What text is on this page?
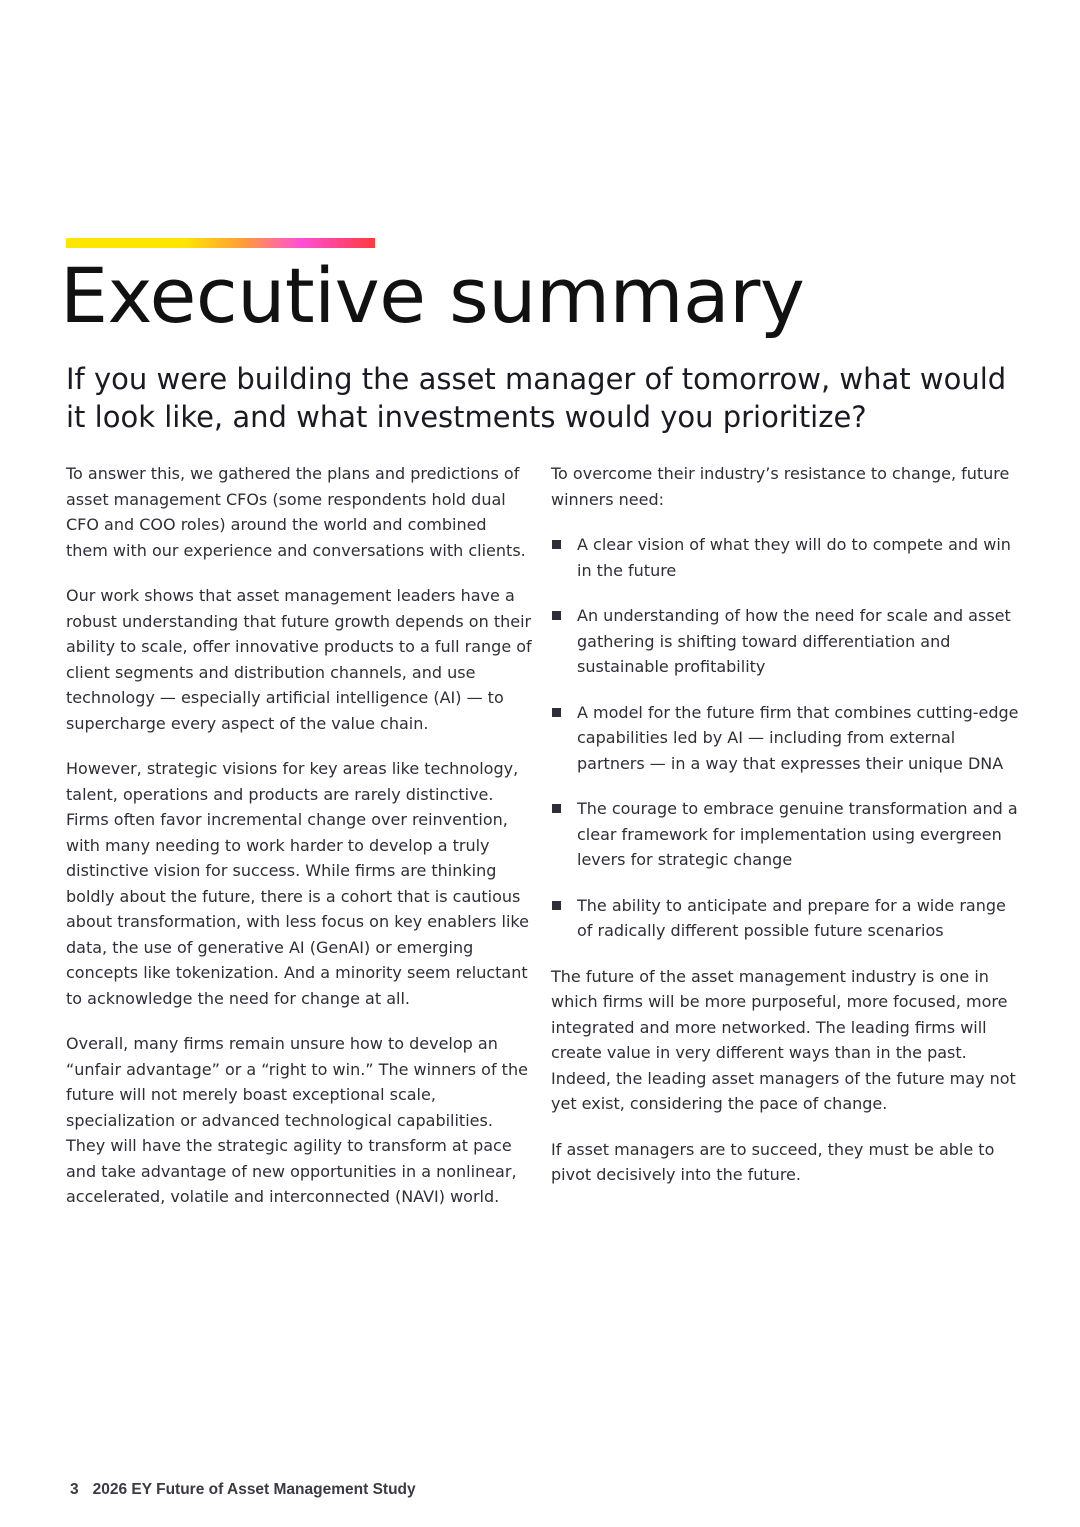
Executive summary
If you were building the asset manager of tomorrow, what would it look like, and what investments would you prioritize?

To answer this, we gathered the plans and predictions of asset management CFOs (some respondents hold dual CFO and COO roles) around the world and combined them with our experience and conversations with clients.

Our work shows that asset management leaders have a robust understanding that future growth depends on their ability to scale, offer innovative products to a full range of client segments and distribution channels, and use technology — especially artificial intelligence (AI) — to supercharge every aspect of the value chain.

However, strategic visions for key areas like technology, talent, operations and products are rarely distinctive. Firms often favor incremental change over reinvention, with many needing to work harder to develop a truly distinctive vision for success. While firms are thinking boldly about the future, there is a cohort that is cautious about transformation, with less focus on key enablers like data, the use of generative AI (GenAI) or emerging concepts like tokenization. And a minority seem reluctant to acknowledge the need for change at all.

Overall, many firms remain unsure how to develop an “unfair advantage” or a “right to win.” The winners of the future will not merely boast exceptional scale, specialization or advanced technological capabilities. They will have the strategic agility to transform at pace and take advantage of new opportunities in a nonlinear, accelerated, volatile and interconnected (NAVI) world.

To overcome their industry’s resistance to change, future winners need:

A clear vision of what they will do to compete and win in the future
An understanding of how the need for scale and asset gathering is shifting toward differentiation and sustainable profitability
A model for the future firm that combines cutting-edge capabilities led by AI — including from external partners — in a way that expresses their unique DNA
The courage to embrace genuine transformation and a clear framework for implementation using evergreen levers for strategic change
The ability to anticipate and prepare for a wide range of radically different possible future scenarios

The future of the asset management industry is one in which firms will be more purposeful, more focused, more integrated and more networked. The leading firms will create value in very different ways than in the past. Indeed, the leading asset managers of the future may not yet exist, considering the pace of change.

If asset managers are to succeed, they must be able to pivot decisively into the future.

3 2026 EY Future of Asset Management Study
